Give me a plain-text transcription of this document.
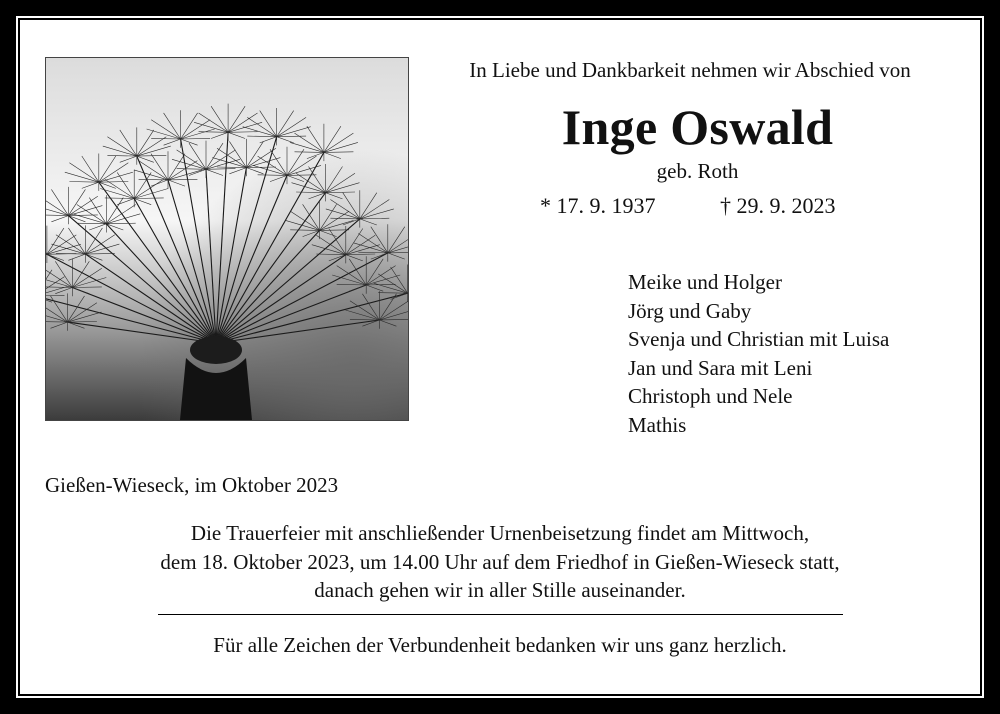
In Liebe und Dankbarkeit nehmen wir Abschied von
Inge Oswald
geb. Roth
* 17. 9. 1937	† 29. 9. 2023
Meike und Holger
Jörg und Gaby
Svenja und Christian mit Luisa
Jan und Sara mit Leni
Christoph und Nele
Mathis
Gießen-Wieseck, im Oktober 2023
Die Trauerfeier mit anschließender Urnenbeisetzung findet am Mittwoch,
dem 18. Oktober 2023, um 14.00 Uhr auf dem Friedhof in Gießen-Wieseck statt,
danach gehen wir in aller Stille auseinander.
Für alle Zeichen der Verbundenheit bedanken wir uns ganz herzlich.
